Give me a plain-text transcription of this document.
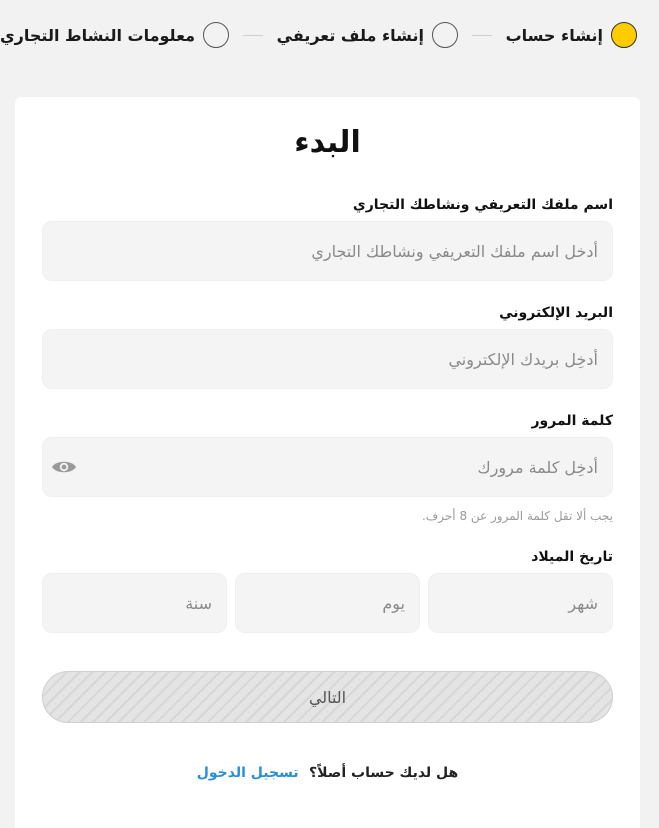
إنشاء حساب
إنشاء ملف تعريفي
معلومات النشاط التجاري
البدء
اسم ملفك التعريفي ونشاطك التجاري
أدخل اسم ملفك التعريفي ونشاطك التجاري
البريد الإلكتروني
أدخِل بريدك الإلكتروني
كلمة المرور
أدخِل كلمة مرورك
يجب ألا تقل كلمة المرور عن 8 أحرف.
تاريخ الميلاد
شهر
يوم
سنة
التالي
هل لديك حساب أصلاً؟ تسجيل الدخول
